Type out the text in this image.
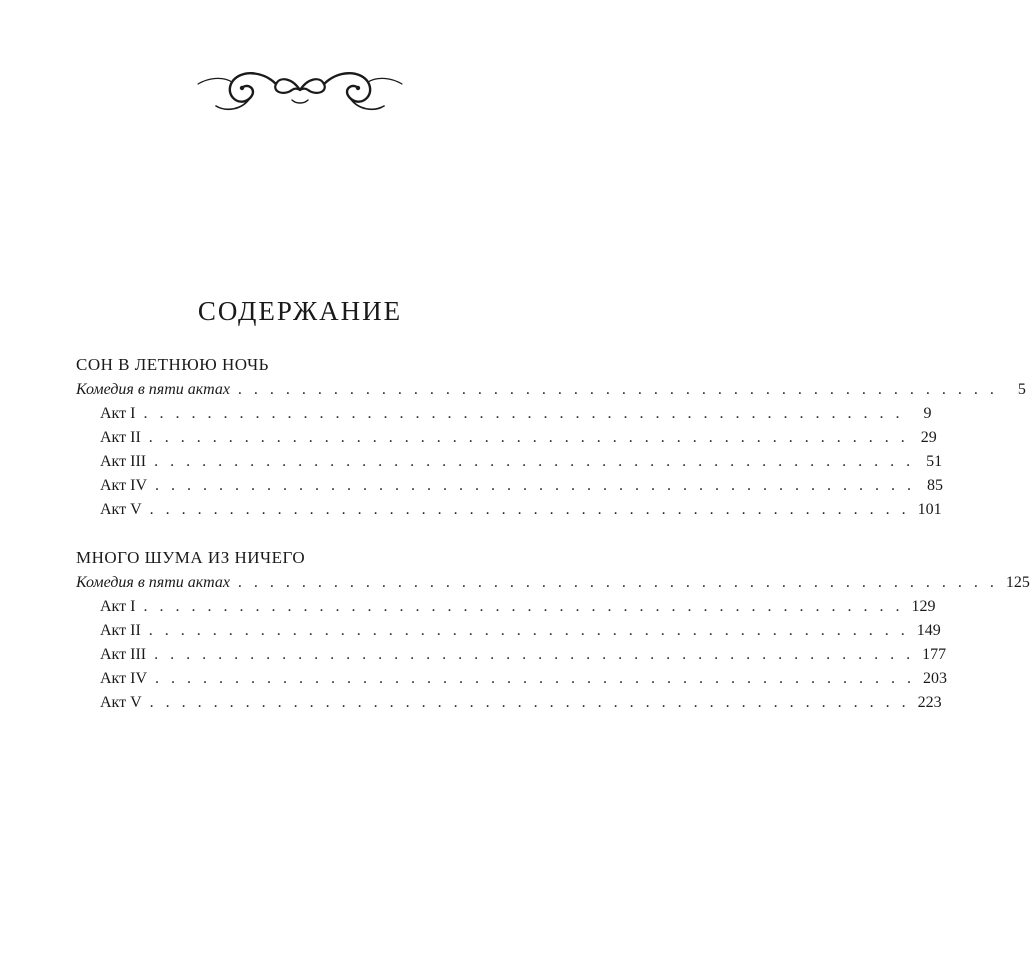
СОДЕРЖАНИЕ
СОН В ЛЕТНЮЮ НОЧЬ
Комедия в пяти актах . . . . . . . . . . . . . . . . . . . . . . . . . . . . . . . . . . . . . . . . . . . . . . . .	5
Акт I . . . . . . . . . . . . . . . . . . . . . . . . . . . . . . . . . . . . . . . . . . . . . . . .	9
Акт II . . . . . . . . . . . . . . . . . . . . . . . . . . . . . . . . . . . . . . . . . . . . . . . . 29
Акт III . . . . . . . . . . . . . . . . . . . . . . . . . . . . . . . . . . . . . . . . . . . . . . . . 51
Акт IV . . . . . . . . . . . . . . . . . . . . . . . . . . . . . . . . . . . . . . . . . . . . . . . . 85
Акт V . . . . . . . . . . . . . . . . . . . . . . . . . . . . . . . . . . . . . . . . . . . . . . . . 101
МНОГО ШУМА ИЗ НИЧЕГО
Комедия в пяти актах . . . . . . . . . . . . . . . . . . . . . . . . . . . . . . . . . . . . . . . . . . . . . . . . 125
Акт I . . . . . . . . . . . . . . . . . . . . . . . . . . . . . . . . . . . . . . . . . . . . . . . . 129
Акт II . . . . . . . . . . . . . . . . . . . . . . . . . . . . . . . . . . . . . . . . . . . . . . . . 149
Акт III . . . . . . . . . . . . . . . . . . . . . . . . . . . . . . . . . . . . . . . . . . . . . . . . 177
Акт IV . . . . . . . . . . . . . . . . . . . . . . . . . . . . . . . . . . . . . . . . . . . . . . . . 203
Акт V . . . . . . . . . . . . . . . . . . . . . . . . . . . . . . . . . . . . . . . . . . . . . . . . 223
